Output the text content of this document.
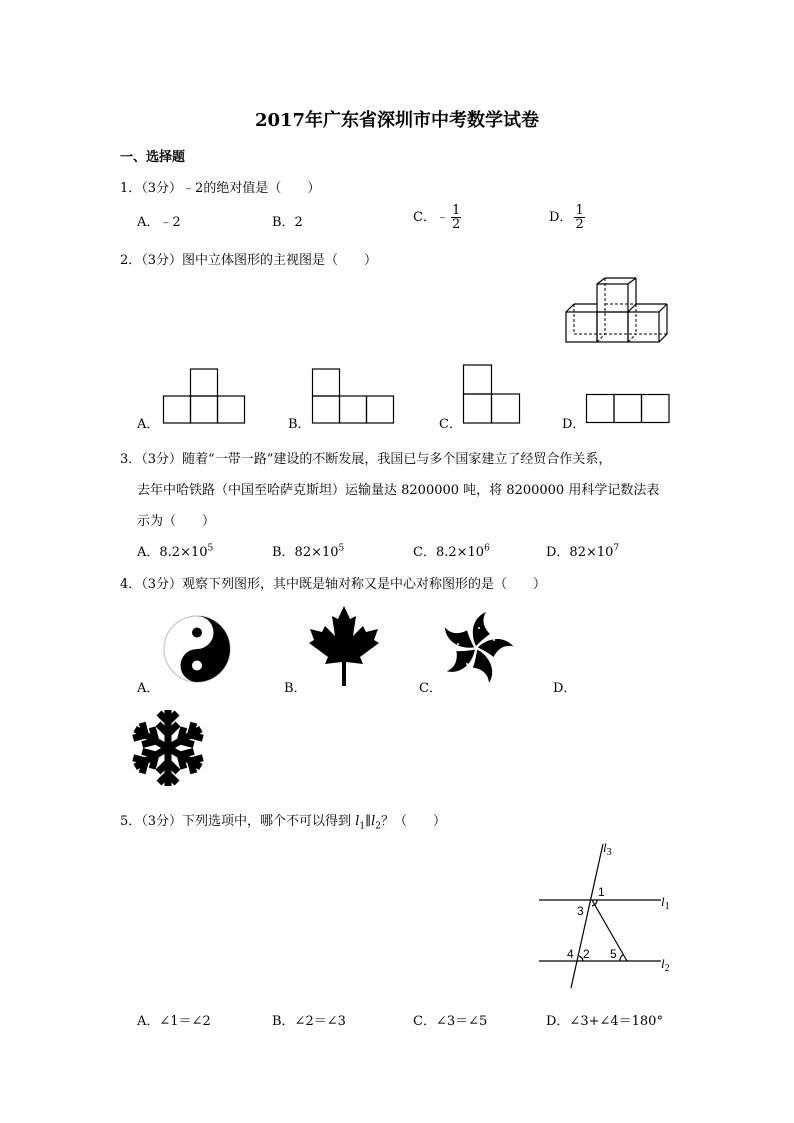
2017年广东省深圳市中考数学试卷
一、选择题
1．（3分）﹣2的绝对值是（　　）
A．﹣2	B．2	C．﹣ $\frac{1}{2}$	D． $\frac{1}{2}$
2．（3分）图中立体图形的主视图是（　　）
A．	B．	C．	D．
3．（3分）随着“一带一路”建设的不断发展，我国已与多个国家建立了经贸合作关系，
去年中哈铁路（中国至哈萨克斯坦）运输量达 8200000 吨，将 8200000 用科学记数法表
示为（　　）
A．$8.2\times 10^5$	B．$82\times 10^5$	C．$8.2\times 10^6$	D．$82\times 10^7$
4．（3分）观察下列图形，其中既是轴对称又是中心对称图形的是（　　）
A．	B．	C．	D．
5．（3分）下列选项中，哪个不可以得到 $l_1\parallel l_2$？（　　）
$l_3$
$l_1$
$l_2$
1
3
4 2 5
A．∠1＝∠2	B．∠2＝∠3	C．∠3＝∠5	D．∠3+∠4＝180°
